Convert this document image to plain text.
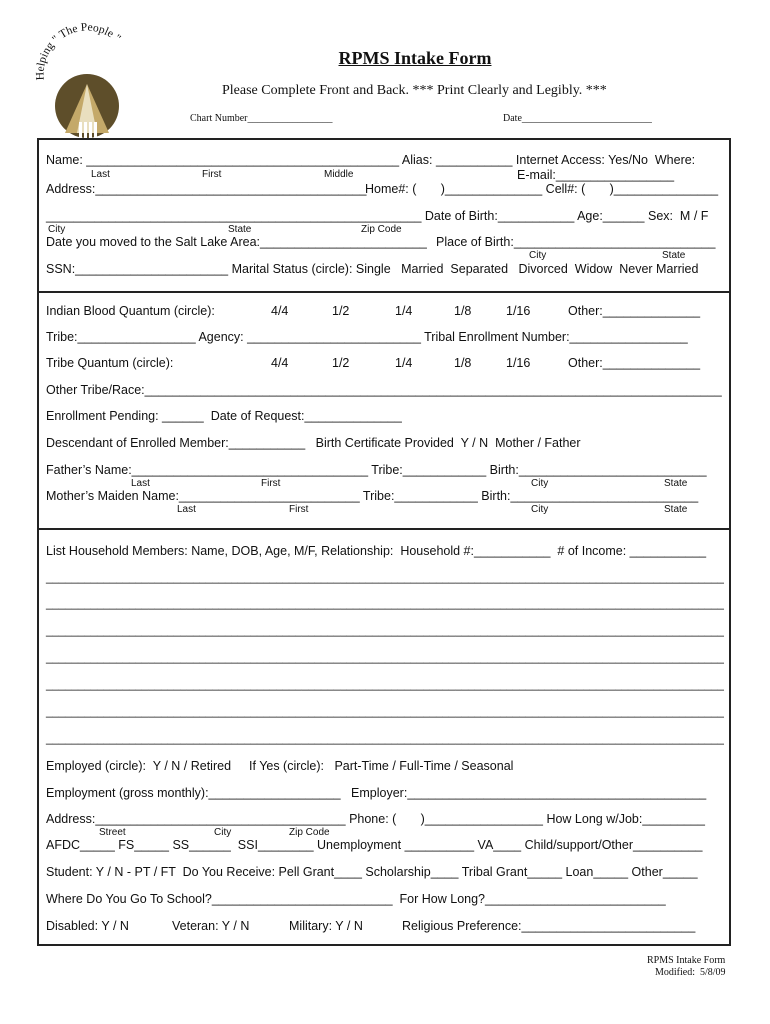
Helping " The People "
RPMS Intake Form
Please Complete Front and Back. *** Print Clearly and Legibly. ***
Chart Number_________________	Date__________________________
Name: _____________________________________________ Alias: ___________ Internet Access: Yes/No  Where:
Last	First	Middle	E-mail:_________________
Address:_______________________________________
Home#: (       )______________ Cell#: (       )_______________
______________________________________________________ Date of Birth:___________ Age:______ Sex:  M / F
City	State	Zip Code
Date you moved to the Salt Lake Area:________________________ Place of Birth:_____________________________
City	State
SSN:______________________ Marital Status (circle): Single   Married  Separated   Divorced  Widow  Never Married
Indian Blood Quantum (circle):	4/4	1/2	1/4	1/8	1/16	Other:______________
Tribe:_________________ Agency: _________________________ Tribal Enrollment Number:_________________
Tribe Quantum (circle):	4/4	1/2	1/4	1/8	1/16	Other:______________
Other Tribe/Race:___________________________________________________________________________________
Enrollment Pending: ______  Date of Request:______________
Descendant of Enrolled Member:___________   Birth Certificate Provided  Y / N  Mother / Father
Father’s Name:__________________________________ Tribe:____________ Birth:___________________________
Last	First	City	State
Mother’s Maiden Name:__________________________ Tribe:____________ Birth:___________________________
Last	First	City	State
List Household Members: Name, DOB, Age, M/F, Relationship:  Household #:___________  # of Income: ___________
__________________________________________________________________________________________________________
__________________________________________________________________________________________________________
__________________________________________________________________________________________________________
__________________________________________________________________________________________________________
__________________________________________________________________________________________________________
__________________________________________________________________________________________________________
__________________________________________________________________________________________________________
Employed (circle):  Y / N / Retired If Yes (circle):   Part-Time / Full-Time / Seasonal
Employment (gross monthly):___________________   Employer:___________________________________________
Address:____________________________________ Phone: (       )_________________ How Long w/Job:_________
Street	City	Zip Code
AFDC_____ FS_____ SS______  SSI________ Unemployment __________ VA____ Child/support/Other__________
Student: Y / N - PT / FT  Do You Receive: Pell Grant____ Scholarship____ Tribal Grant_____ Loan_____ Other_____
Where Do You Go To School?__________________________  For How Long?__________________________
Disabled: Y / N	Veteran: Y / N	Military: Y / N	Religious Preference:_________________________
RPMS Intake Form
Modified:  5/8/09
